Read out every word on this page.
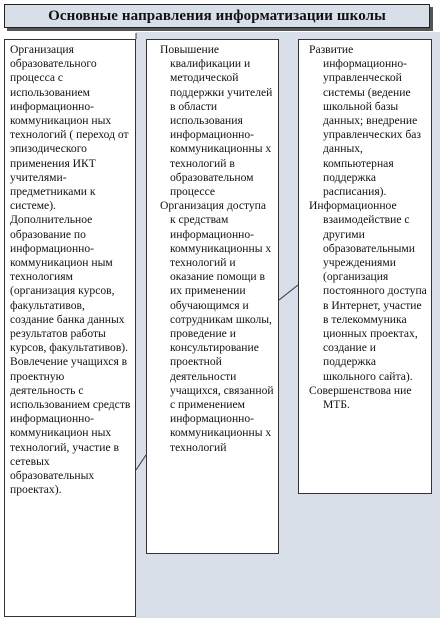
Основные направления информатизации школы

Организация образовательного процесса с использованием информационно-коммуникацион ных технологий ( переход от эпизодического применения ИКТ учителями-предметниками к системе).

Дополнительное образование по информационно-коммуникацион ным технологиям (организация курсов, факультативов, создание банка данных результатов работы курсов, факультативов).

Вовлечение учащихся в проектную деятельность с использованием средств информационно-коммуникацион ных технологий, участие в сетевых образовательных проектах).

Повышение квалификации и методической поддержки учителей в области использования информационно-коммуникационны х технологий в образовательном процессе

Организация доступа к средствам информационно-коммуникационны х технологий и оказание помощи в их применении обучающимся и сотрудникам школы, проведение и консультирование проектной деятельности учащихся, связанной с применением информационно-коммуникационны х технологий

Развитие информационно-управленческой системы (ведение школьной базы данных; внедрение управленческих баз данных, компьютерная поддержка расписания).

Информационное взаимодействие с другими образовательными учреждениями (организация постоянного доступа в Интернет, участие в телекоммуника ционных проектах, создание и поддержка школьного сайта).

Совершенствова ние МТБ.
